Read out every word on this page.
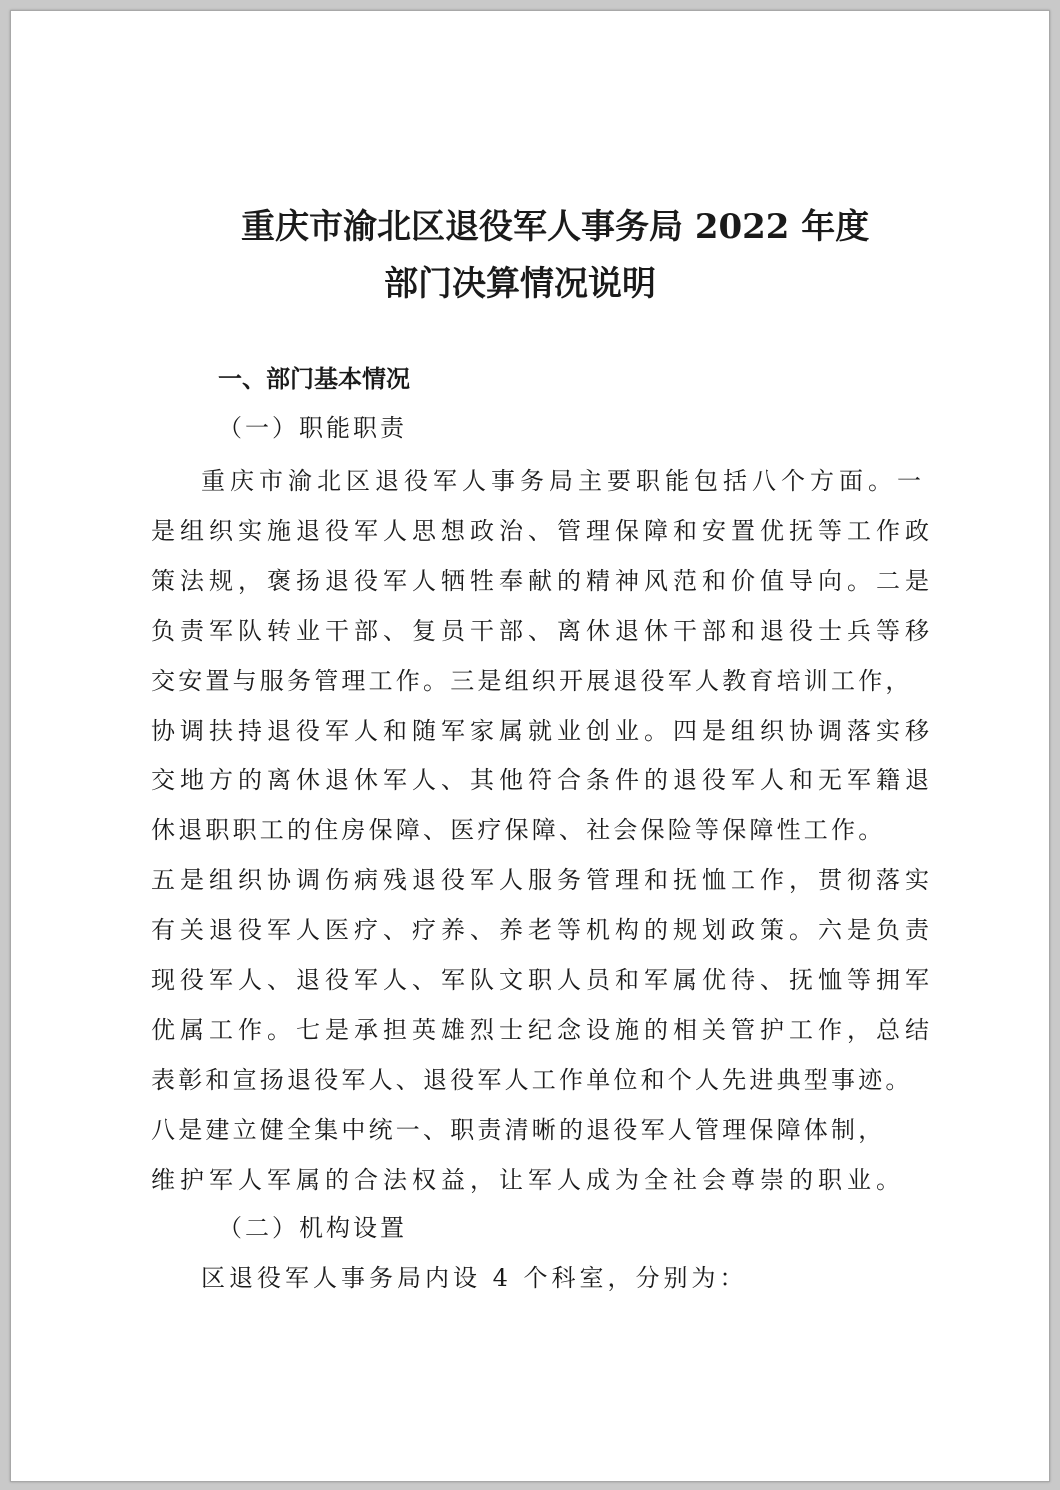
重庆市渝北区退役军人事务局 2022 年度
部门决算情况说明
一、部门基本情况
（一）职能职责
重庆市渝北区退役军人事务局主要职能包括八个方面。一
是组织实施退役军人思想政治、管理保障和安置优抚等工作政
策法规，褒扬退役军人牺牲奉献的精神风范和价值导向。二是
负责军队转业干部、复员干部、离休退休干部和退役士兵等移
交安置与服务管理工作。三是组织开展退役军人教育培训工作，
协调扶持退役军人和随军家属就业创业。四是组织协调落实移
交地方的离休退休军人、其他符合条件的退役军人和无军籍退
休退职职工的住房保障、医疗保障、社会保险等保障性工作。
五是组织协调伤病残退役军人服务管理和抚恤工作，贯彻落实
有关退役军人医疗、疗养、养老等机构的规划政策。六是负责
现役军人、退役军人、军队文职人员和军属优待、抚恤等拥军
优属工作。七是承担英雄烈士纪念设施的相关管护工作，总结
表彰和宣扬退役军人、退役军人工作单位和个人先进典型事迹。
八是建立健全集中统一、职责清晰的退役军人管理保障体制，
维护军人军属的合法权益，让军人成为全社会尊崇的职业。
（二）机构设置
区退役军人事务局内设 4 个科室，分别为：
